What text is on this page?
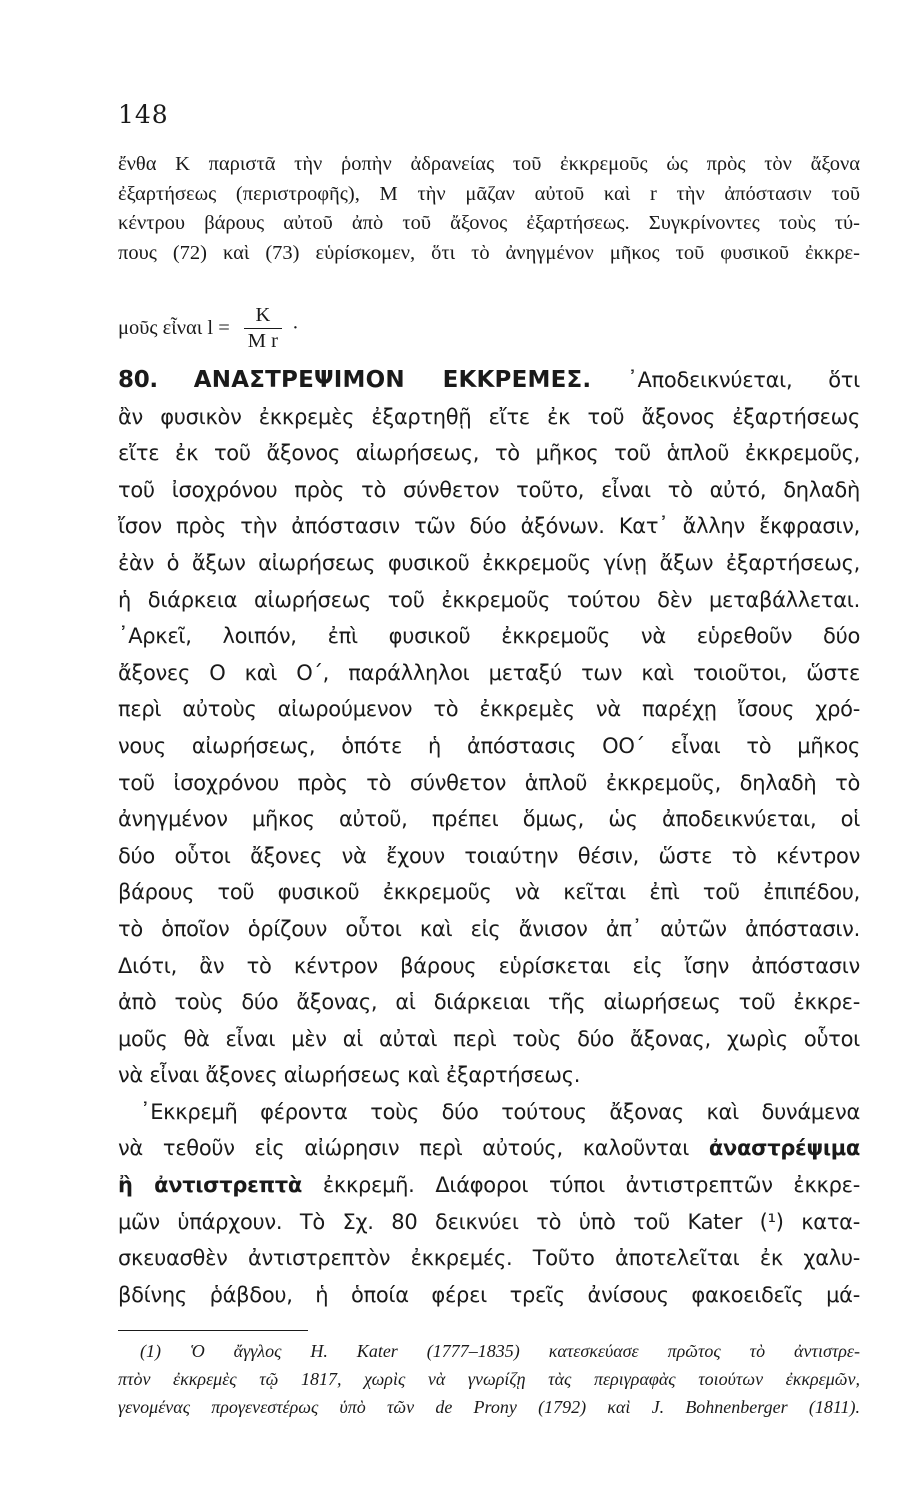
148
ἔνθα K παριστᾶ τὴν ῥοπὴν ἀδρανείας τοῦ ἐκκρεμοῦς ὡς πρὸς τὸν ἄξονα
ἐξαρτήσεως (περιστροφῆς), M τὴν μᾶζαν αὐτοῦ καὶ r τὴν ἀπόστασιν τοῦ
κέντρου βάρους αὐτοῦ ἀπὸ τοῦ ἄξονος ἐξαρτήσεως. Συγκρίνοντες τοὺς τύ-
πους (72) καὶ (73) εὑρίσκομεν, ὅτι τὸ ἀνηγμένον μῆκος τοῦ φυσικοῦ ἐκκρε-
μοῦς εἶναι $l = \frac{K}{\text{M r}}$ ·
80. ΑΝΑΣΤΡΕΨΙΜΟΝ ΕΚΚΡΕΜΕΣ. ᾿Αποδεικνύεται, ὅτι
ἂν φυσικὸν ἐκκρεμὲς ἐξαρτηθῇ εἴτε ἐκ τοῦ ἄξονος ἐξαρτήσεως
εἴτε ἐκ τοῦ ἄξονος αἰωρήσεως, τὸ μῆκος τοῦ ἁπλοῦ ἐκκρεμοῦς,
τοῦ ἰσοχρόνου πρὸς τὸ σύνθετον τοῦτο, εἶναι τὸ αὐτό, δηλαδὴ
ἴσον πρὸς τὴν ἀπόστασιν τῶν δύο ἀξόνων. Κατ᾿ ἄλλην ἔκφρασιν,
ἐὰν ὁ ἄξων αἰωρήσεως φυσικοῦ ἐκκρεμοῦς γίνῃ ἄξων ἐξαρτήσεως,
ἡ διάρκεια αἰωρήσεως τοῦ ἐκκρεμοῦς τούτου δὲν μεταβάλλεται.
᾿Αρκεῖ, λοιπόν, ἐπὶ φυσικοῦ ἐκκρεμοῦς νὰ εὑρεθοῦν δύο
ἄξονες O καὶ O΄, παράλληλοι μεταξύ των καὶ τοιοῦτοι, ὥστε
περὶ αὐτοὺς αἰωρούμενον τὸ ἐκκρεμὲς νὰ παρέχῃ ἴσους χρό-
νους αἰωρήσεως, ὁπότε ἡ ἀπόστασις OO΄ εἶναι τὸ μῆκος
τοῦ ἰσοχρόνου πρὸς τὸ σύνθετον ἁπλοῦ ἐκκρεμοῦς, δηλαδὴ τὸ
ἀνηγμένον μῆκος αὐτοῦ, πρέπει ὅμως, ὡς ἀποδεικνύεται, οἱ
δύο οὗτοι ἄξονες νὰ ἔχουν τοιαύτην θέσιν, ὥστε τὸ κέντρον
βάρους τοῦ φυσικοῦ ἐκκρεμοῦς νὰ κεῖται ἐπὶ τοῦ ἐπιπέδου,
τὸ ὁποῖον ὁρίζουν οὗτοι καὶ εἰς ἄνισον ἀπ᾿ αὐτῶν ἀπόστασιν.
Διότι, ἂν τὸ κέντρον βάρους εὑρίσκεται εἰς ἴσην ἀπόστασιν
ἀπὸ τοὺς δύο ἄξονας, αἱ διάρκειαι τῆς αἰωρήσεως τοῦ ἐκκρε-
μοῦς θὰ εἶναι μὲν αἱ αὐταὶ περὶ τοὺς δύο ἄξονας, χωρὶς οὗτοι
νὰ εἶναι ἄξονες αἰωρήσεως καὶ ἐξαρτήσεως.
᾿Εκκρεμῆ φέροντα τοὺς δύο τούτους ἄξονας καὶ δυνάμενα
νὰ τεθοῦν εἰς αἰώρησιν περὶ αὐτούς, καλοῦνται ἀναστρέψιμα
ἢ ἀντιστρεπτὰ ἐκκρεμῆ. Διάφοροι τύποι ἀντιστρεπτῶν ἐκκρε-
μῶν ὑπάρχουν. Τὸ Σχ. 80 δεικνύει τὸ ὑπὸ τοῦ Kater (¹) κατα-
σκευασθὲν ἀντιστρεπτὸν ἐκκρεμές. Τοῦτο ἀποτελεῖται ἐκ χαλυ-
βδίνης ῥάβδου, ἡ ὁποία φέρει τρεῖς ἀνίσους φακοειδεῖς μά-
(1) Ὁ ἄγγλος H. Kater (1777–1835) κατεσκεύασε πρῶτος τὸ ἀντιστρε-
πτὸν ἐκκρεμὲς τῷ 1817, χωρὶς νὰ γνωρίζῃ τὰς περιγραφὰς τοιούτων ἐκκρεμῶν,
γενομένας προγενεστέρως ὑπὸ τῶν de Prony (1792) καὶ J. Bohnenberger (1811).
